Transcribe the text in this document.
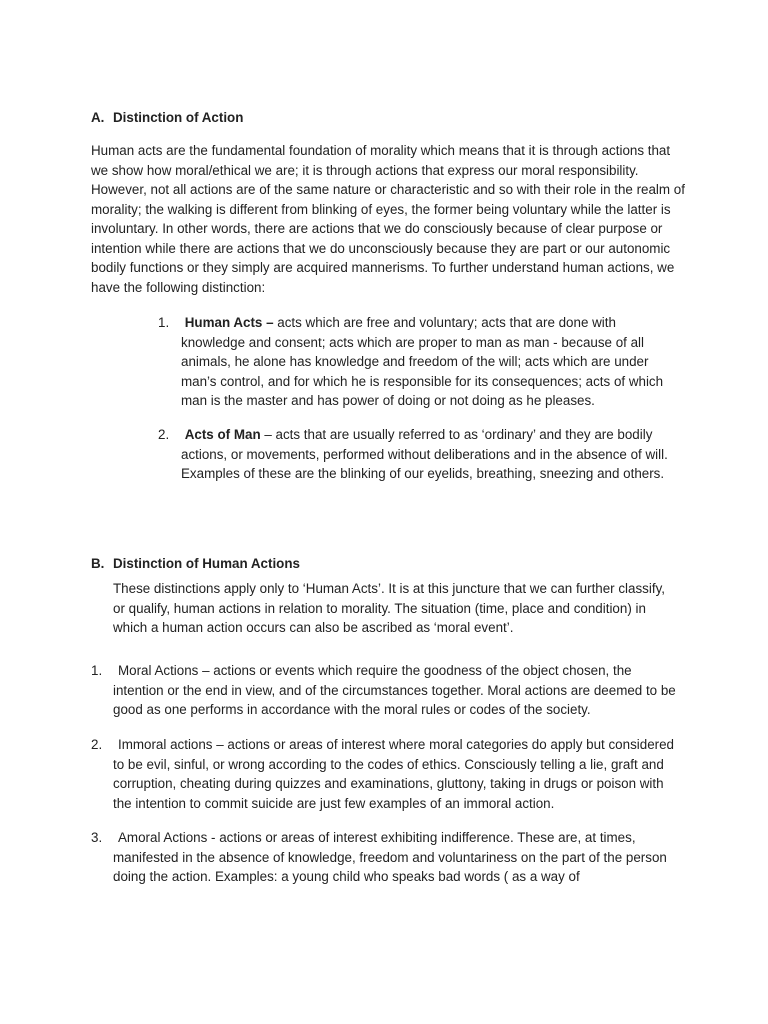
A. Distinction of Action

Human acts are the fundamental foundation of morality which means that it is through actions that we show how moral/ethical we are; it is through actions that express our moral responsibility. However, not all actions are of the same nature or characteristic and so with their role in the realm of morality; the walking is different from blinking of eyes, the former being voluntary while the latter is involuntary. In other words, there are actions that we do consciously because of clear purpose or intention while there are actions that we do unconsciously because they are part or our autonomic bodily functions or they simply are acquired mannerisms. To further understand human actions, we have the following distinction:

1. Human Acts – acts which are free and voluntary; acts that are done with knowledge and consent; acts which are proper to man as man - because of all animals, he alone has knowledge and freedom of the will; acts which are under man’s control, and for which he is responsible for its consequences; acts of which man is the master and has power of doing or not doing as he pleases.

2. Acts of Man – acts that are usually referred to as ‘ordinary’ and they are bodily actions, or movements, performed without deliberations and in the absence of will. Examples of these are the blinking of our eyelids, breathing, sneezing and others.

B. Distinction of Human Actions

These distinctions apply only to ‘Human Acts’. It is at this juncture that we can further classify, or qualify, human actions in relation to morality. The situation (time, place and condition) in which a human action occurs can also be ascribed as ‘moral event’.

1.	Moral Actions – actions or events which require the goodness of the object chosen, the intention or the end in view, and of the circumstances together. Moral actions are deemed to be good as one performs in accordance with the moral rules or codes of the society.

2.	Immoral actions – actions or areas of interest where moral categories do apply but considered to be evil, sinful, or wrong according to the codes of ethics. Consciously telling a lie, graft and corruption, cheating during quizzes and examinations, gluttony, taking in drugs or poison with the intention to commit suicide are just few examples of an immoral action.

3.	Amoral Actions - actions or areas of interest exhibiting indifference. These are, at times, manifested in the absence of knowledge, freedom and voluntariness on the part of the person doing the action. Examples: a young child who speaks bad words ( as a way of
